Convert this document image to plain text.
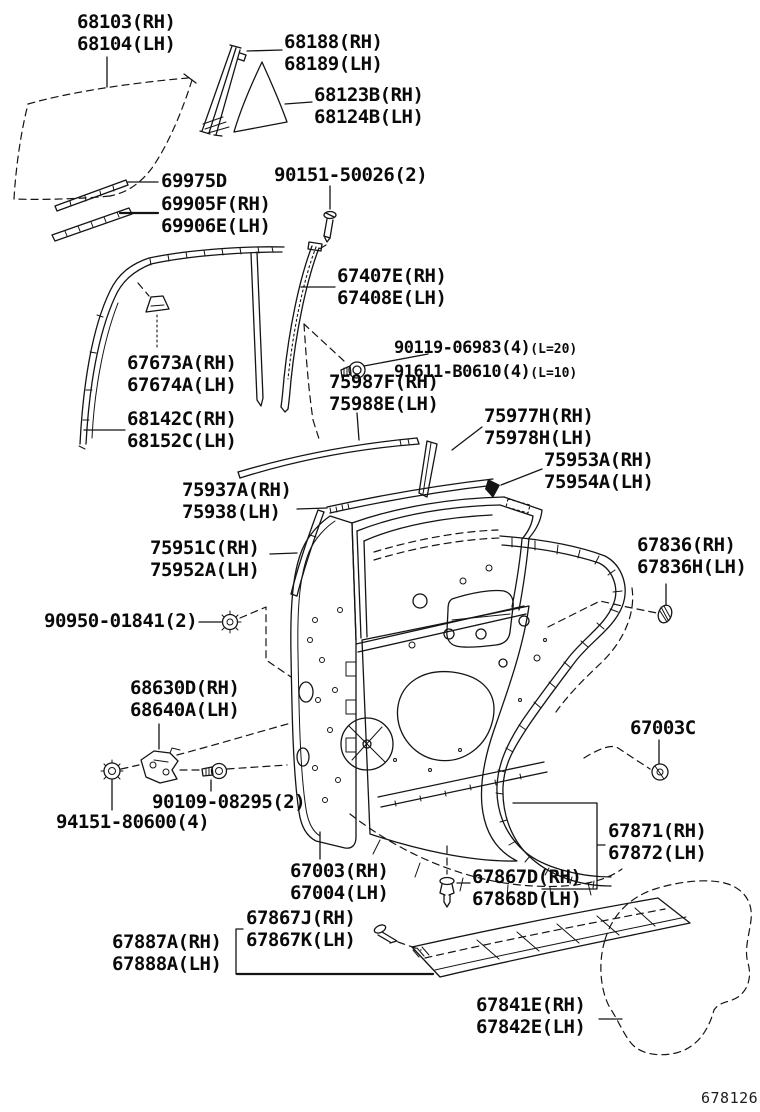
68103(RH)
68104(LH)	68188(RH)
68189(LH)
68123B(RH)
68124B(LH)
90151-50026(2)
69975D
69905F(RH)
69906E(LH)
67407E(RH)
67408E(LH)
90119-06983(4)(L=20)
91611-B0610(4)(L=10)
67673A(RH)
67674A(LH)	75987F(RH)
75988E(LH)
68142C(RH)
68152C(LH)
75977H(RH)
75978H(LH)
75953A(RH)
75954A(LH)
75937A(RH)
75938(LH)
75951C(RH)
75952A(LH)
67836(RH)
67836H(LH)
90950-01841(2)
68630D(RH)
68640A(LH)
67003C
90109-08295(2)
94151-80600(4)	67871(RH)
67872(LH)
67003(RH)
67004(LH)
67867D(RH)
67868D(LH)
67867J(RH)
67867K(LH)
67887A(RH)
67888A(LH)
67841E(RH)
67842E(LH)
678126
